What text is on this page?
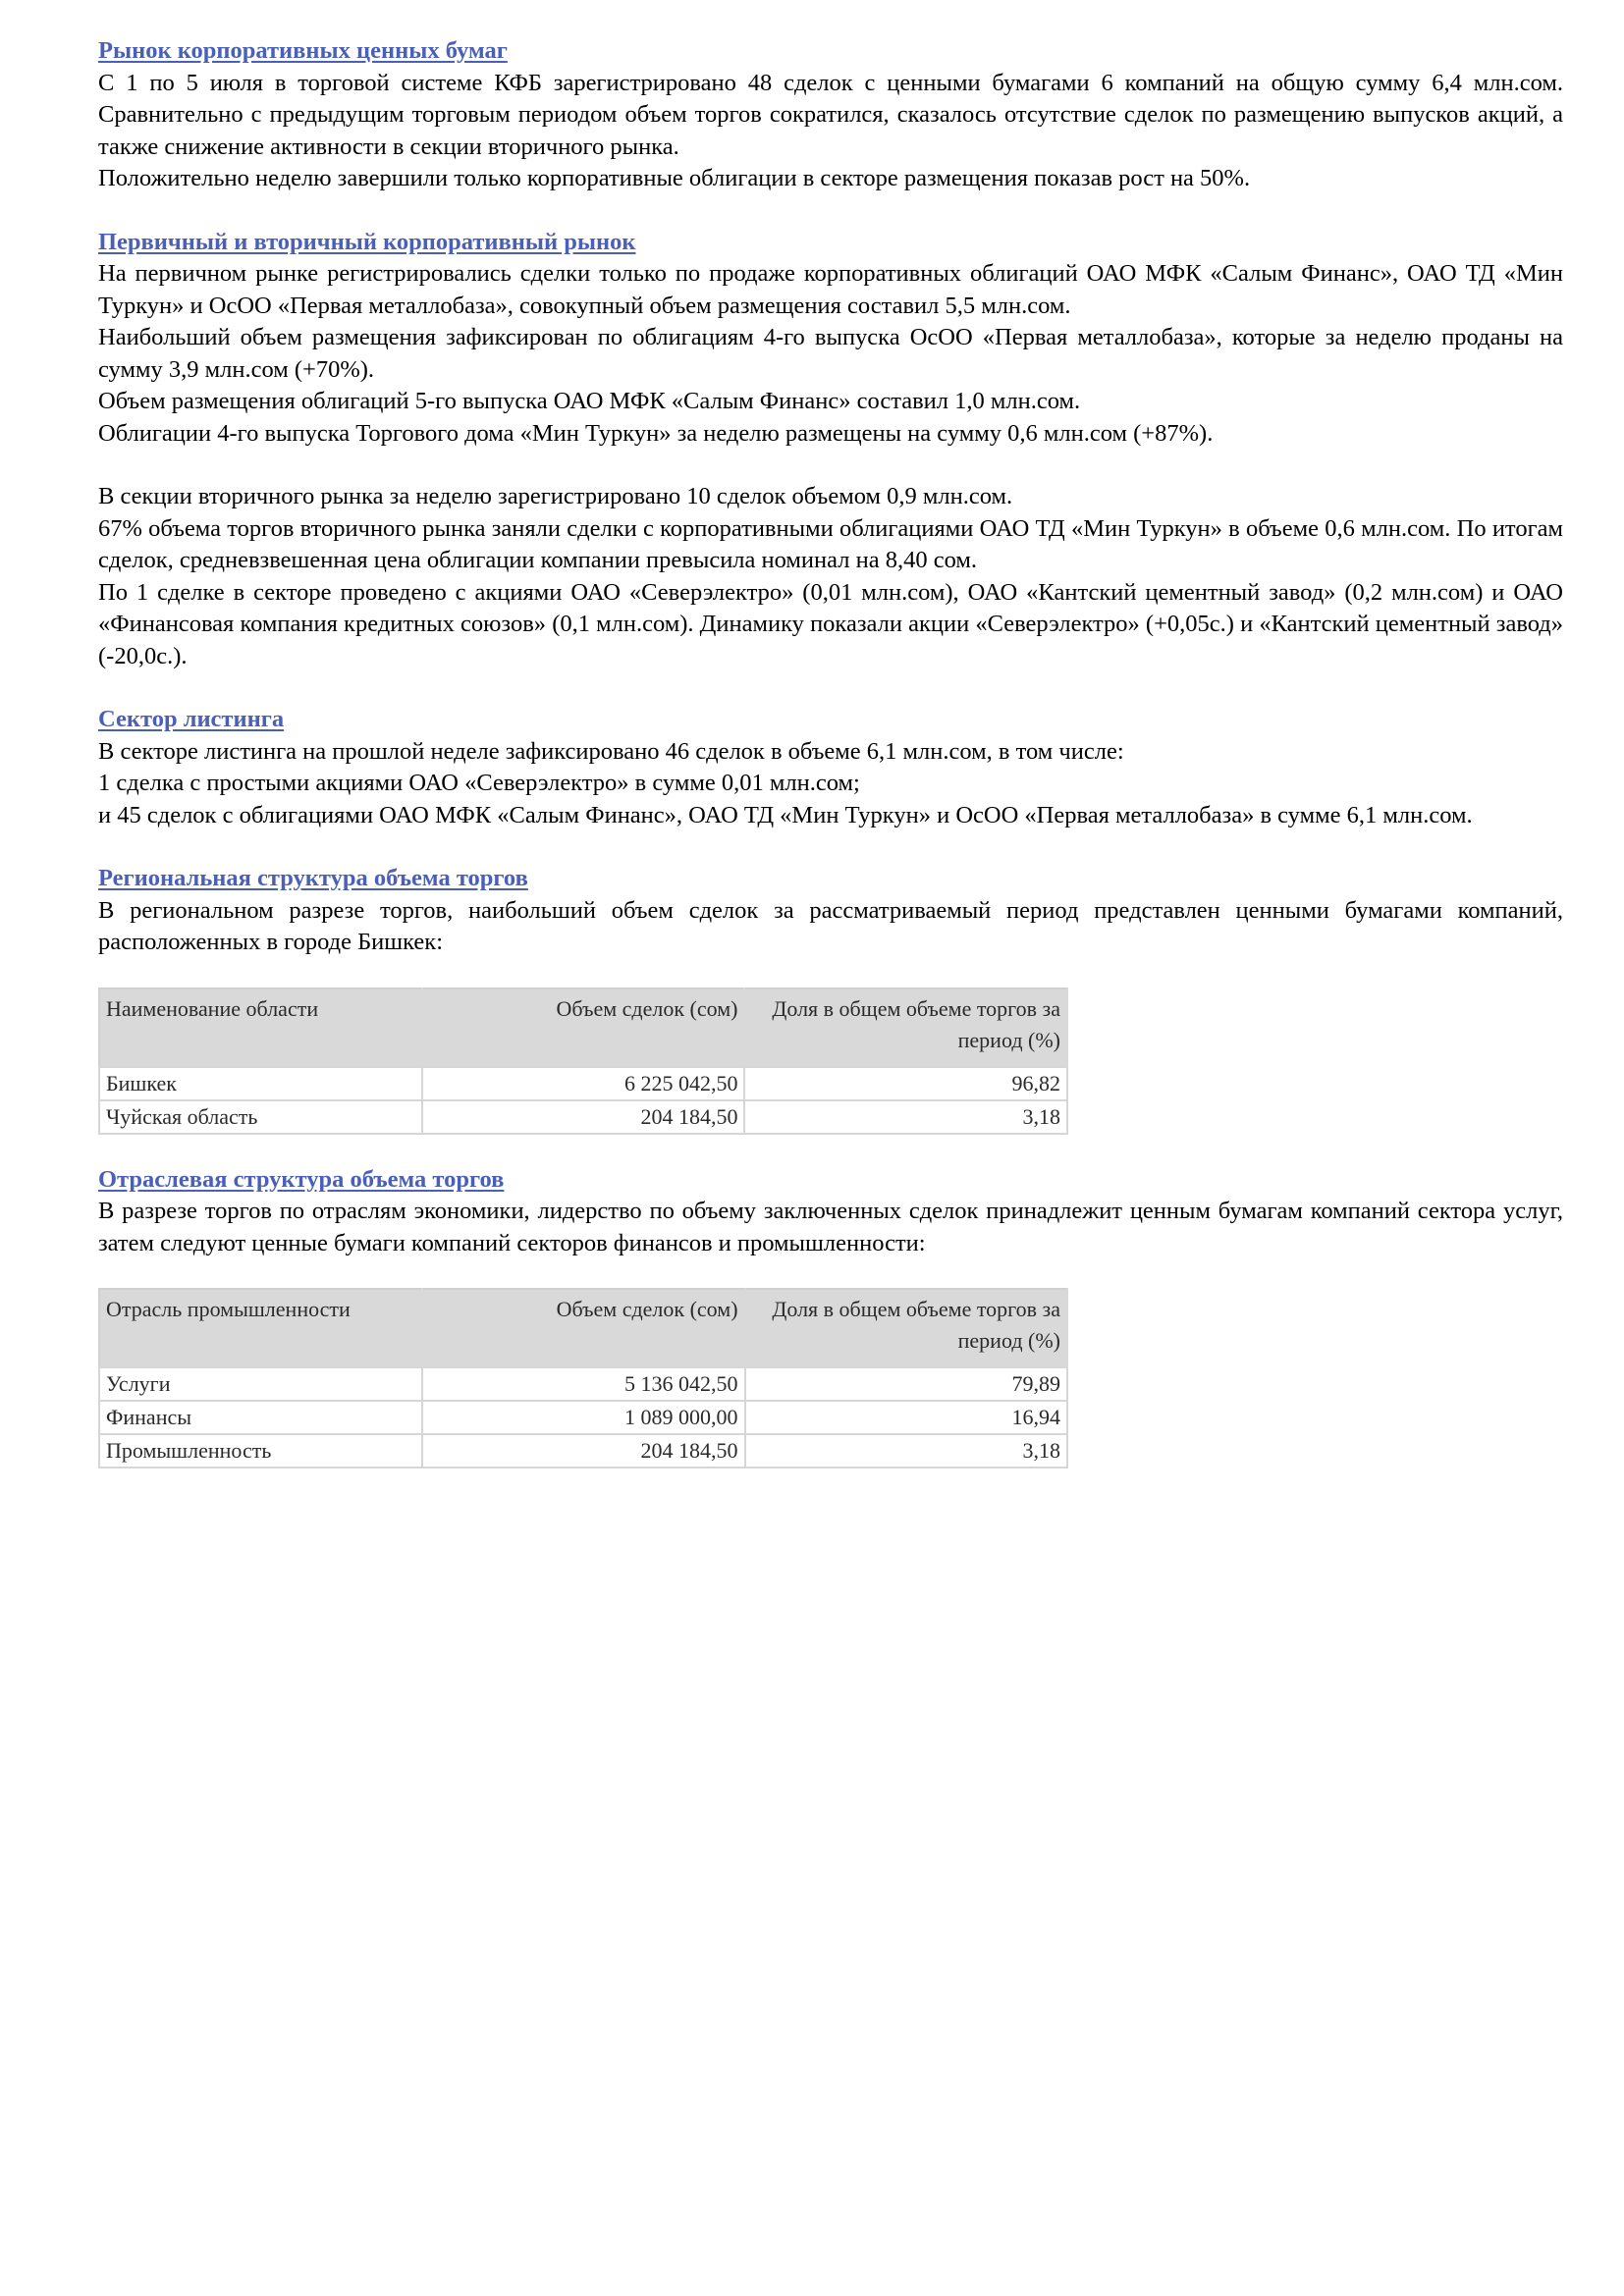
Рынок корпоративных ценных бумаг

С 1 по 5 июля в торговой системе КФБ зарегистрировано 48 сделок с ценными бумагами 6 компаний на общую сумму 6,4 млн.сом. Сравнительно с предыдущим торговым периодом объем торгов сократился, сказалось отсутствие сделок по размещению выпусков акций, а также снижение активности в секции вторичного рынка.

Положительно неделю завершили только корпоративные облигации в секторе размещения показав рост на 50%.

Первичный и вторичный корпоративный рынок

На первичном рынке регистрировались сделки только по продаже корпоративных облигаций ОАО МФК «Салым Финанс», ОАО ТД «Мин Туркун» и ОсОО «Первая металлобаза», совокупный объем размещения составил 5,5 млн.сом.

Наибольший объем размещения зафиксирован по облигациям 4-го выпуска ОсОО «Первая металлобаза», которые за неделю проданы на сумму 3,9 млн.сом (+70%).

Объем размещения облигаций 5-го выпуска ОАО МФК «Салым Финанс» составил 1,0 млн.сом.

Облигации 4-го выпуска Торгового дома «Мин Туркун» за неделю размещены на сумму 0,6 млн.сом (+87%).

В секции вторичного рынка за неделю зарегистрировано 10 сделок объемом 0,9 млн.сом.

67% объема торгов вторичного рынка заняли сделки с корпоративными облигациями ОАО ТД «Мин Туркун» в объеме 0,6 млн.сом. По итогам сделок, средневзвешенная цена облигации компании превысила номинал на 8,40 сом.

По 1 сделке в секторе проведено с акциями ОАО «Северэлектро» (0,01 млн.сом), ОАО «Кантский цементный завод» (0,2 млн.сом) и ОАО «Финансовая компания кредитных союзов» (0,1 млн.сом). Динамику показали акции «Северэлектро» (+0,05с.) и «Кантский цементный завод» (-20,0с.).

Сектор листинга

В секторе листинга на прошлой неделе зафиксировано 46 сделок в объеме 6,1 млн.сом, в том числе:

1 сделка с простыми акциями ОАО «Северэлектро» в сумме 0,01 млн.сом;

и 45 сделок с облигациями ОАО МФК «Салым Финанс», ОАО ТД «Мин Туркун» и ОсОО «Первая металлобаза» в сумме 6,1 млн.сом.

Региональная структура объема торгов

В региональном разрезе торгов, наибольший объем сделок за рассматриваемый период представлен ценными бумагами компаний, расположенных в городе Бишкек:

Наименование области	Объем сделок (сом)	Доля в общем объеме торгов за период (%)
Бишкек	6 225 042,50	96,82
Чуйская область	204 184,50	3,18

Отраслевая структура объема торгов

В разрезе торгов по отраслям экономики, лидерство по объему заключенных сделок принадлежит ценным бумагам компаний сектора услуг, затем следуют ценные бумаги компаний секторов финансов и промышленности:

Отрасль промышленности	Объем сделок (сом)	Доля в общем объеме торгов за период (%)
Услуги	5 136 042,50	79,89
Финансы	1 089 000,00	16,94
Промышленность	204 184,50	3,18
